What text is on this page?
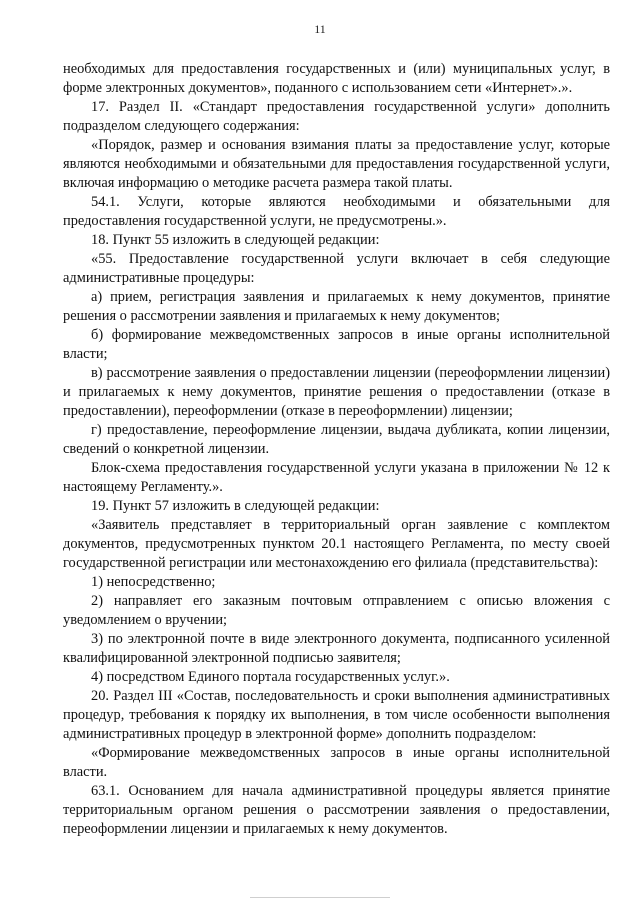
11

необходимых для предоставления государственных и (или) муниципальных услуг, в форме электронных документов», поданного с использованием сети «Интернет».».

17. Раздел II. «Стандарт предоставления государственной услуги» дополнить подразделом следующего содержания:

«Порядок, размер и основания взимания платы за предоставление услуг, которые являются необходимыми и обязательными для предоставления государственной услуги, включая информацию о методике расчета размера такой платы.

54.1. Услуги, которые являются необходимыми и обязательными для предоставления государственной услуги, не предусмотрены.».

18. Пункт 55 изложить в следующей редакции:

«55. Предоставление государственной услуги включает в себя следующие административные процедуры:

а) прием, регистрация заявления и прилагаемых к нему документов, принятие решения о рассмотрении заявления и прилагаемых к нему документов;

б) формирование межведомственных запросов в иные органы исполнительной власти;

в) рассмотрение заявления о предоставлении лицензии (переоформлении лицензии) и прилагаемых к нему документов, принятие решения о предоставлении (отказе в предоставлении), переоформлении (отказе в переоформлении) лицензии;

г) предоставление, переоформление лицензии, выдача дубликата, копии лицензии, сведений о конкретной лицензии.

Блок-схема предоставления государственной услуги указана в приложении № 12 к настоящему Регламенту.».

19. Пункт 57 изложить в следующей редакции:

«Заявитель представляет в территориальный орган заявление с комплектом документов, предусмотренных пунктом 20.1 настоящего Регламента, по месту своей государственной регистрации или местонахождению его филиала (представительства):

1) непосредственно;

2) направляет его заказным почтовым отправлением с описью вложения с уведомлением о вручении;

3) по электронной почте в виде электронного документа, подписанного усиленной квалифицированной электронной подписью заявителя;

4) посредством Единого портала государственных услуг.».

20. Раздел III «Состав, последовательность и сроки выполнения административных процедур, требования к порядку их выполнения, в том числе особенности выполнения административных процедур в электронной форме» дополнить подразделом:

«Формирование межведомственных запросов в иные органы исполнительной власти.

63.1. Основанием для начала административной процедуры является принятие территориальным органом решения о рассмотрении заявления о предоставлении, переоформлении лицензии и прилагаемых к нему документов.
